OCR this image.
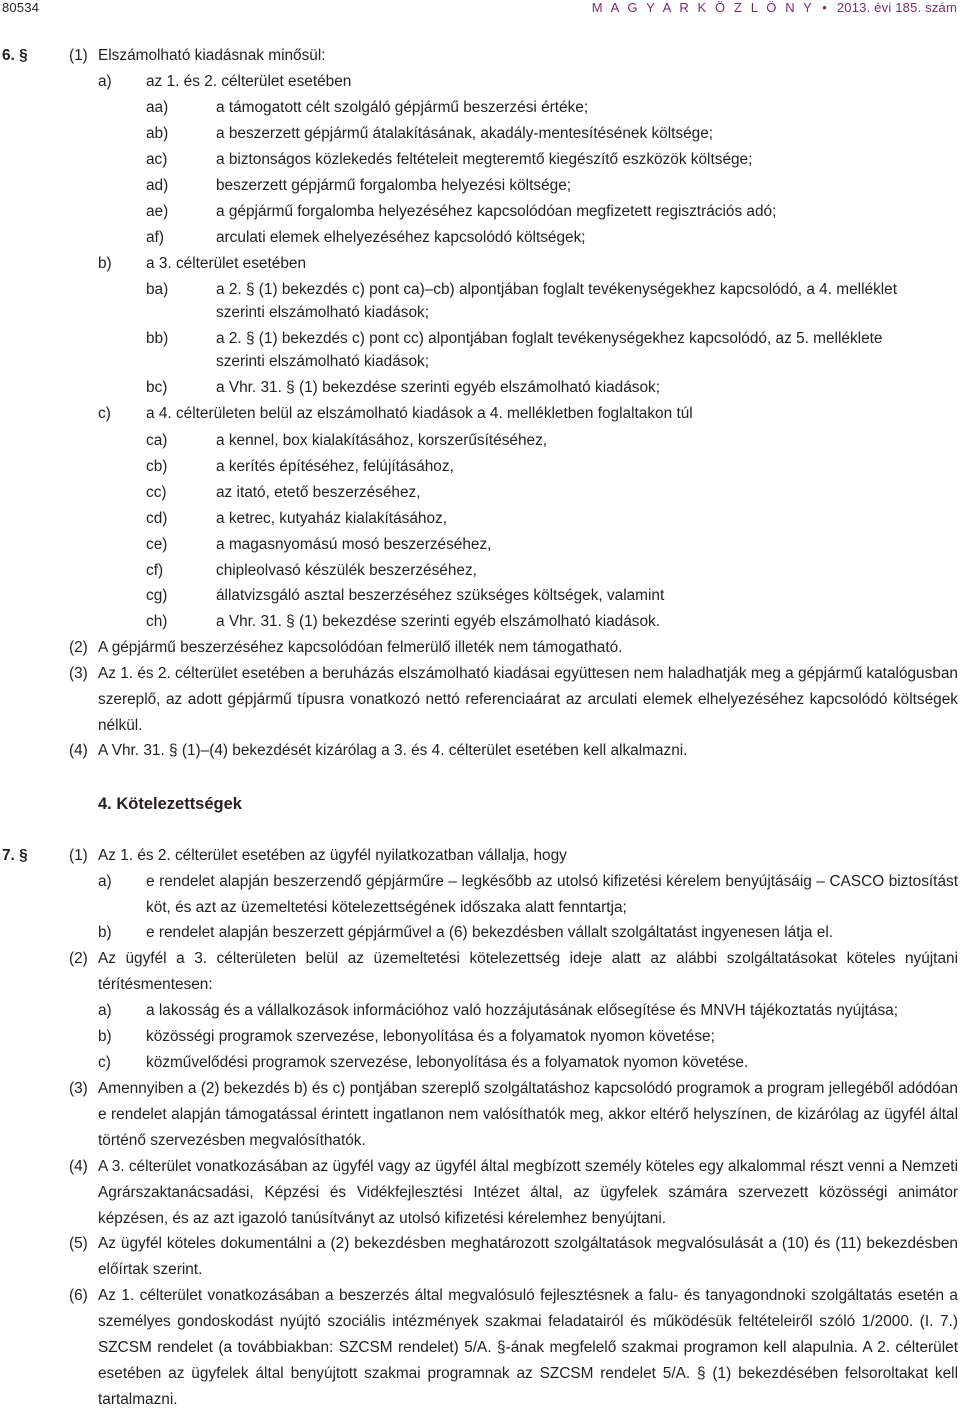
80534	M A G Y A R K Ö Z L Ö N Y • 2013. évi 185. szám
6. §	(1) Elszámolható kiadásnak minősül:
a) az 1. és 2. célterület esetében
aa)	a támogatott célt szolgáló gépjármű beszerzési értéke;
ab)	a beszerzett gépjármű átalakításának, akadály-mentesítésének költsége;
ac)	a biztonságos közlekedés feltételeit megteremtő kiegészítő eszközök költsége;
ad)	beszerzett gépjármű forgalomba helyezési költsége;
ae)	a gépjármű forgalomba helyezéséhez kapcsolódóan megfizetett regisztrációs adó;
af)	arculati elemek elhelyezéséhez kapcsolódó költségek;
b) a 3. célterület esetében
ba)	a 2. § (1) bekezdés c) pont ca)–cb) alpontjában foglalt tevékenységekhez kapcsolódó, a 4. melléklet
szerinti elszámolható kiadások;
bb)	a 2. § (1) bekezdés c) pont cc) alpontjában foglalt tevékenységekhez kapcsolódó, az 5. melléklete
szerinti elszámolható kiadások;
bc)	a Vhr. 31. § (1) bekezdése szerinti egyéb elszámolható kiadások;
c) a 4. célterületen belül az elszámolható kiadások a 4. mellékletben foglaltakon túl
ca)	a kennel, box kialakításához, korszerűsítéséhez,
cb)	a kerítés építéséhez, felújításához,
cc)	az itató, etető beszerzéséhez,
cd)	a ketrec, kutyaház kialakításához,
ce)	a magasnyomású mosó beszerzéséhez,
cf)	chipleolvasó készülék beszerzéséhez,
cg)	állatvizsgáló asztal beszerzéséhez szükséges költségek, valamint
ch)	a Vhr. 31. § (1) bekezdése szerinti egyéb elszámolható kiadások.
(2) A gépjármű beszerzéséhez kapcsolódóan felmerülő illeték nem támogatható.
(3) Az 1. és 2. célterület esetében a beruházás elszámolható kiadásai együttesen nem haladhatják meg a gépjármű katalógusban szereplő, az adott gépjármű típusra vonatkozó nettó referenciaárat az arculati elemek elhelyezéséhez kapcsolódó költségek nélkül.
(4) A Vhr. 31. § (1)–(4) bekezdését kizárólag a 3. és 4. célterület esetében kell alkalmazni.
4. Kötelezettségek
7. §	(1) Az 1. és 2. célterület esetében az ügyfél nyilatkozatban vállalja, hogy
a) e rendelet alapján beszerzendő gépjárműre – legkésőbb az utolsó kifizetési kérelem benyújtásáig – CASCO biztosítást köt, és azt az üzemeltetési kötelezettségének időszaka alatt fenntartja;
b) e rendelet alapján beszerzett gépjárművel a (6) bekezdésben vállalt szolgáltatást ingyenesen látja el.
(2) Az ügyfél a 3. célterületen belül az üzemeltetési kötelezettség ideje alatt az alábbi szolgáltatásokat köteles nyújtani térítésmentesen:
a) a lakosság és a vállalkozások információhoz való hozzájutásának elősegítése és MNVH tájékoztatás nyújtása;
b) közösségi programok szervezése, lebonyolítása és a folyamatok nyomon követése;
c) közművelődési programok szervezése, lebonyolítása és a folyamatok nyomon követése.
(3) Amennyiben a (2) bekezdés b) és c) pontjában szereplő szolgáltatáshoz kapcsolódó programok a program jellegéből adódóan e rendelet alapján támogatással érintett ingatlanon nem valósíthatók meg, akkor eltérő helyszínen, de kizárólag az ügyfél által történő szervezésben megvalósíthatók.
(4) A 3. célterület vonatkozásában az ügyfél vagy az ügyfél által megbízott személy köteles egy alkalommal részt venni a Nemzeti Agrárszaktanácsadási, Képzési és Vidékfejlesztési Intézet által, az ügyfelek számára szervezett közösségi animátor képzésen, és az azt igazoló tanúsítványt az utolsó kifizetési kérelemhez benyújtani.
(5) Az ügyfél köteles dokumentálni a (2) bekezdésben meghatározott szolgáltatások megvalósulását a (10) és (11) bekezdésben előírtak szerint.
(6) Az 1. célterület vonatkozásában a beszerzés által megvalósuló fejlesztésnek a falu- és tanyagondnoki szolgáltatás esetén a személyes gondoskodást nyújtó szociális intézmények szakmai feladatairól és működésük feltételeiről szóló 1/2000. (I. 7.) SZCSM rendelet (a továbbiakban: SZCSM rendelet) 5/A. §-ának megfelelő szakmai programon kell alapulnia. A 2. célterület esetében az ügyfelek által benyújtott szakmai programnak az SZCSM rendelet 5/A. § (1) bekezdésében felsoroltakat kell tartalmazni.
